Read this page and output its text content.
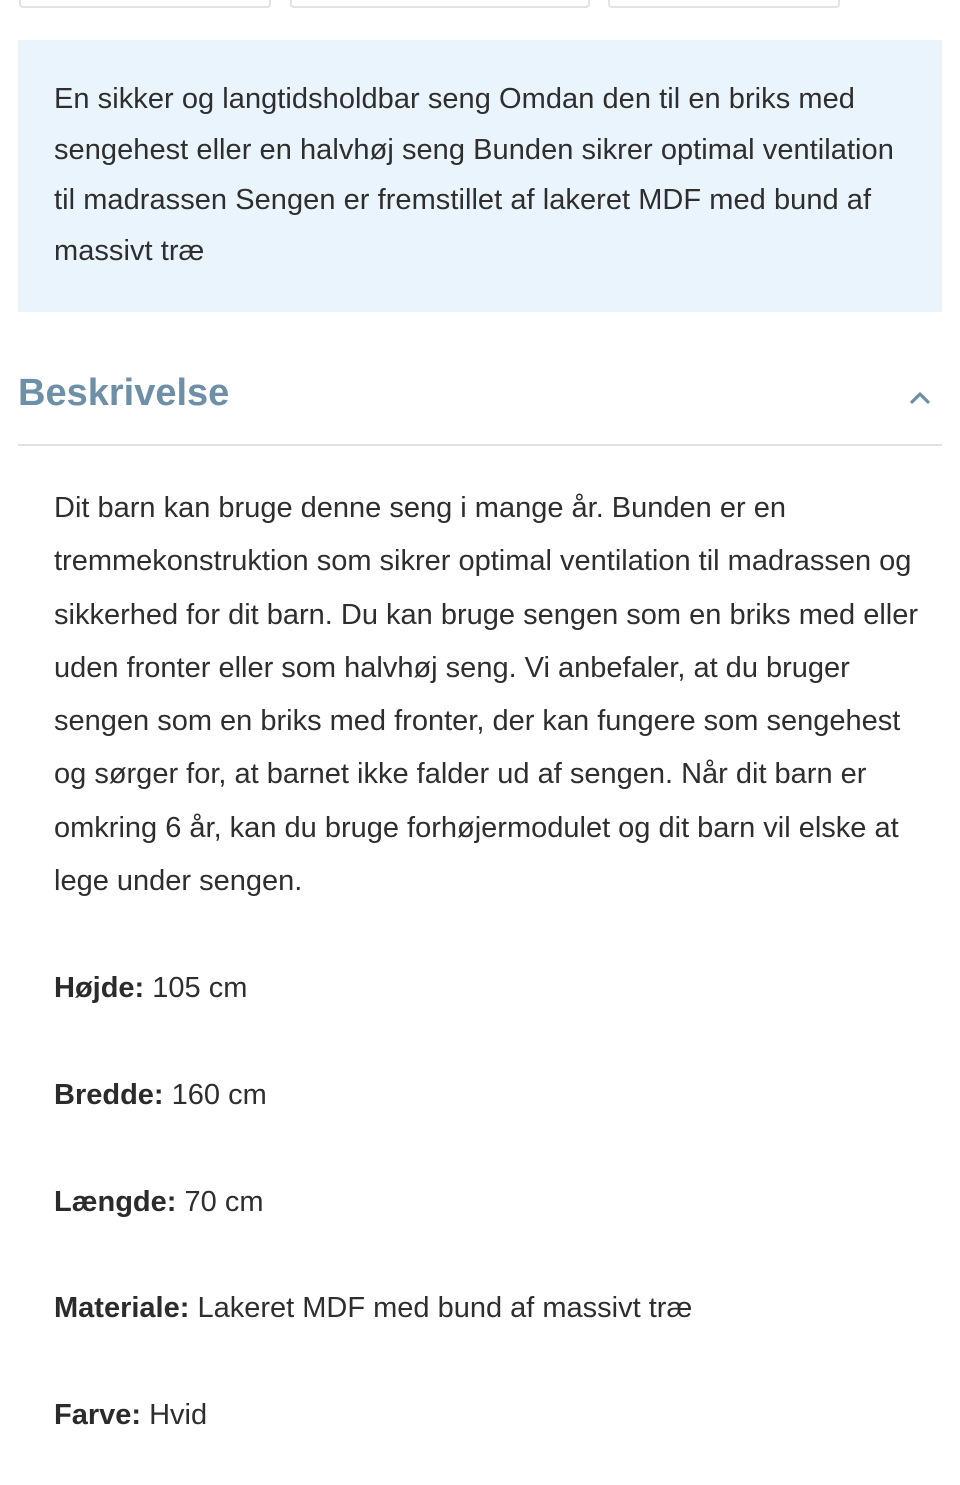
En sikker og langtidsholdbar seng Omdan den til en briks med sengehest eller en halvhøj seng Bunden sikrer optimal ventilation til madrassen Sengen er fremstillet af lakeret MDF med bund af massivt træ

Beskrivelse

Dit barn kan bruge denne seng i mange år. Bunden er en tremmekonstruktion som sikrer optimal ventilation til madrassen og sikkerhed for dit barn. Du kan bruge sengen som en briks med eller uden fronter eller som halvhøj seng. Vi anbefaler, at du bruger sengen som en briks med fronter, der kan fungere som sengehest og sørger for, at barnet ikke falder ud af sengen. Når dit barn er omkring 6 år, kan du bruge forhøjermodulet og dit barn vil elske at lege under sengen.

Højde: 105 cm

Bredde: 160 cm

Længde: 70 cm

Materiale: Lakeret MDF med bund af massivt træ

Farve: Hvid
